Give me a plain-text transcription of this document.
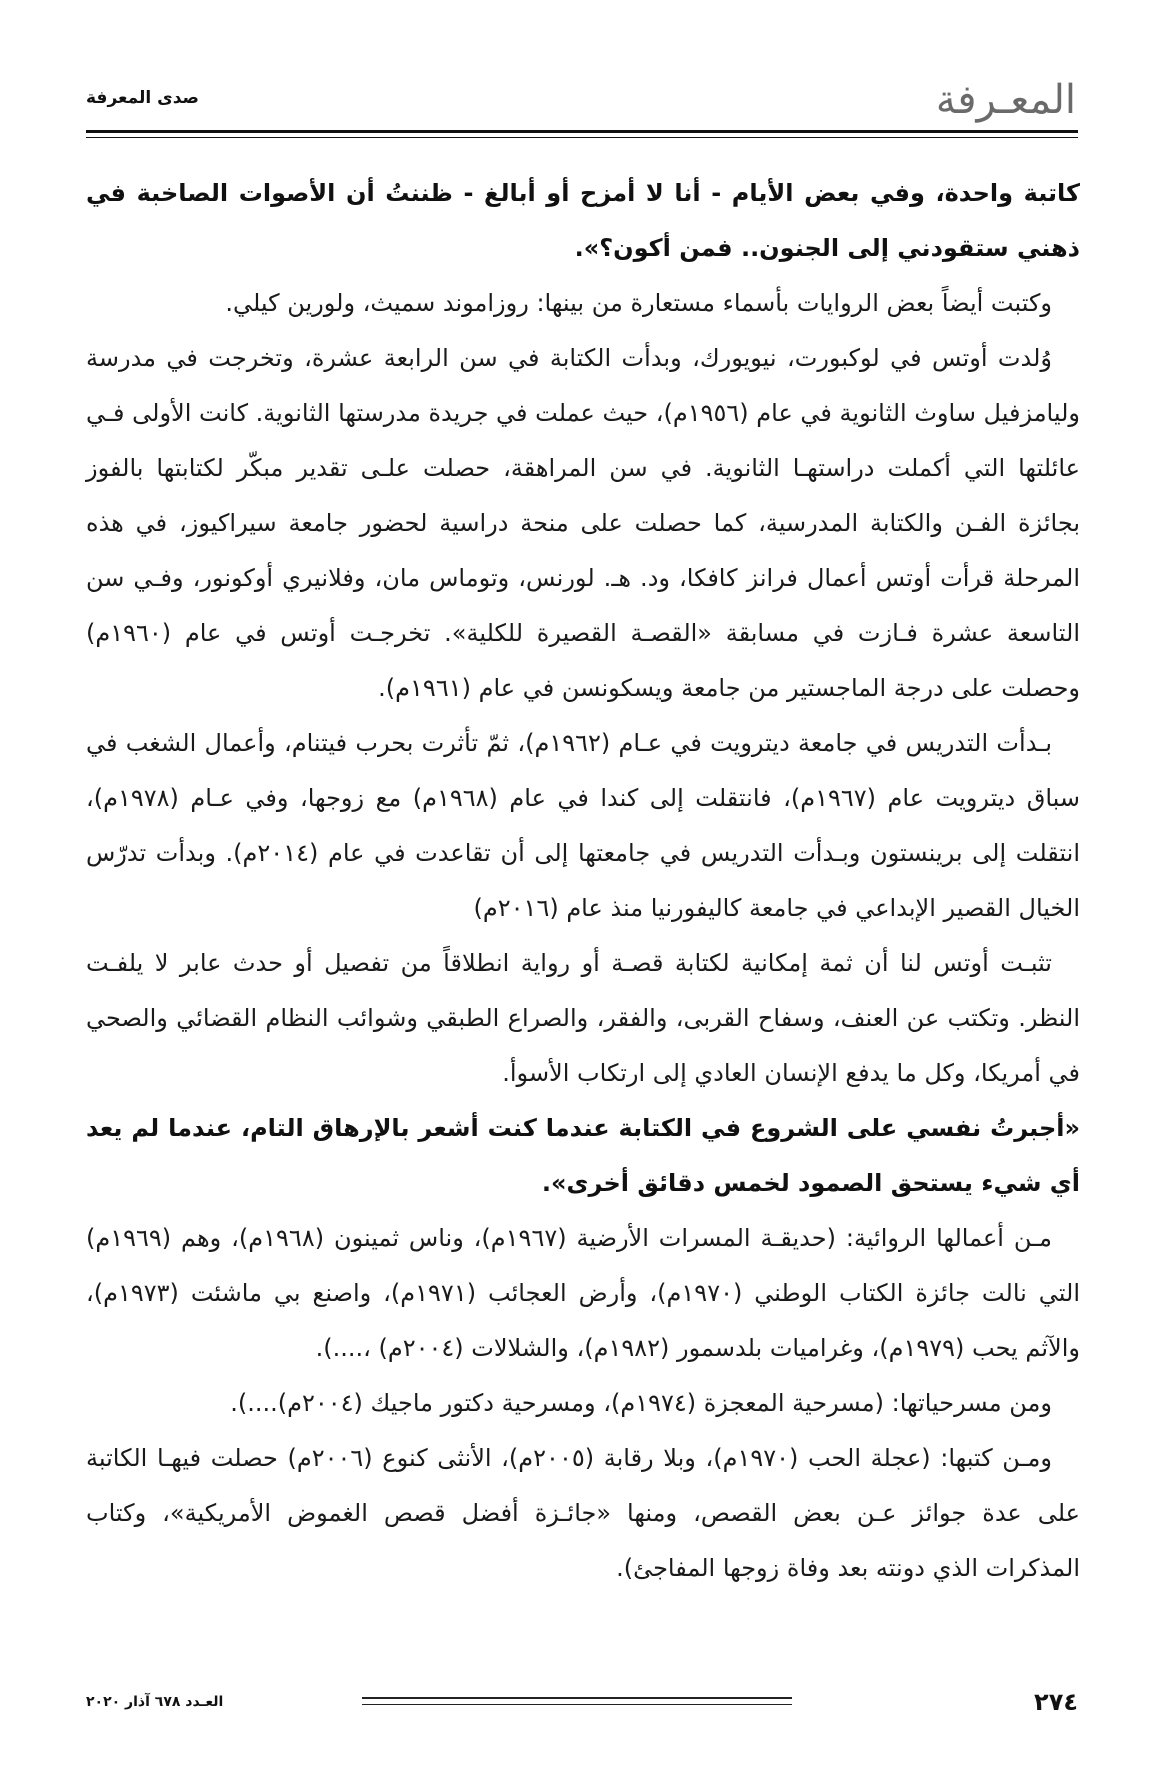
المعـرفة
صدى المعرفة

كاتبة واحدة، وفي بعض الأيام - أنا لا أمزح أو أبالغ - ظننتُ أن الأصوات الصاخبة في ذهني ستقودني إلى الجنون.. فمن أكون؟».

وكتبت أيضاً بعض الروايات بأسماء مستعارة من بينها: روزاموند سميث، ولورين كيلي.

وُلدت أوتس في لوكبورت، نيويورك، وبدأت الكتابة في سن الرابعة عشرة، وتخرجت في مدرسة وليامزفيل ساوث الثانوية في عام (١٩٥٦م)، حيث عملت في جريدة مدرستها الثانوية. كانت الأولى فـي عائلتها التي أكملت دراستهـا الثانوية. في سن المراهقة، حصلت علـى تقدير مبكّر لكتابتها بالفوز بجائزة الفـن والكتابة المدرسية، كما حصلت على منحة دراسية لحضور جامعة سيراكيوز، في هذه المرحلة قرأت أوتس أعمال فرانز كافكا، ود. هـ. لورنس، وتوماس مان، وفلانيري أوكونور، وفـي سن التاسعة عشرة فـازت في مسابقة «القصـة القصيرة للكلية». تخرجـت أوتس في عام (١٩٦٠م) وحصلت على درجة الماجستير من جامعة ويسكونسن في عام (١٩٦١م).

بـدأت التدريس في جامعة ديترويت في عـام (١٩٦٢م)، ثمّ تأثرت بحرب فيتنام، وأعمال الشغب في سباق ديترويت عام (١٩٦٧م)، فانتقلت إلى كندا في عام (١٩٦٨م) مع زوجها، وفي عـام (١٩٧٨م)، انتقلت إلى برينستون وبـدأت التدريس في جامعتها إلى أن تقاعدت في عام (٢٠١٤م). وبدأت تدرّس الخيال القصير الإبداعي في جامعة كاليفورنيا منذ عام (٢٠١٦م)

تثبـت أوتس لنا أن ثمة إمكانية لكتابة قصـة أو رواية انطلاقاً من تفصيل أو حدث عابر لا يلفـت النظر. وتكتب عن العنف، وسفاح القربى، والفقر، والصراع الطبقي وشوائب النظام القضائي والصحي في أمريكا، وكل ما يدفع الإنسان العادي إلى ارتكاب الأسوأ.

«أجبرتُ نفسي على الشروع في الكتابة عندما كنت أشعر بالإرهاق التام، عندما لم يعد أي شيء يستحق الصمود لخمس دقائق أخرى».

مـن أعمالها الروائية: (حديقـة المسرات الأرضية (١٩٦٧م)، وناس ثمينون (١٩٦٨م)، وهم (١٩٦٩م) التي نالت جائزة الكتاب الوطني (١٩٧٠م)، وأرض العجائب (١٩٧١م)، واصنع بي ماشئت (١٩٧٣م)، والآثم يحب (١٩٧٩م)، وغراميات بلدسمور (١٩٨٢م)، والشلالات (٢٠٠٤م) ،....).

ومن مسرحياتها: (مسرحية المعجزة (١٩٧٤م)، ومسرحية دكتور ماجيك (٢٠٠٤م)....).

ومـن كتبها: (عجلة الحب (١٩٧٠م)، وبلا رقابة (٢٠٠٥م)، الأنثى كنوع (٢٠٠٦م) حصلت فيهـا الكاتبة على عدة جوائز عـن بعض القصص، ومنها «جائـزة أفضل قصص الغموض الأمريكية»، وكتاب المذكرات الذي دونته بعد وفاة زوجها المفاجئ).

٢٧٤
العـدد ٦٧٨ آذار ٢٠٢٠
